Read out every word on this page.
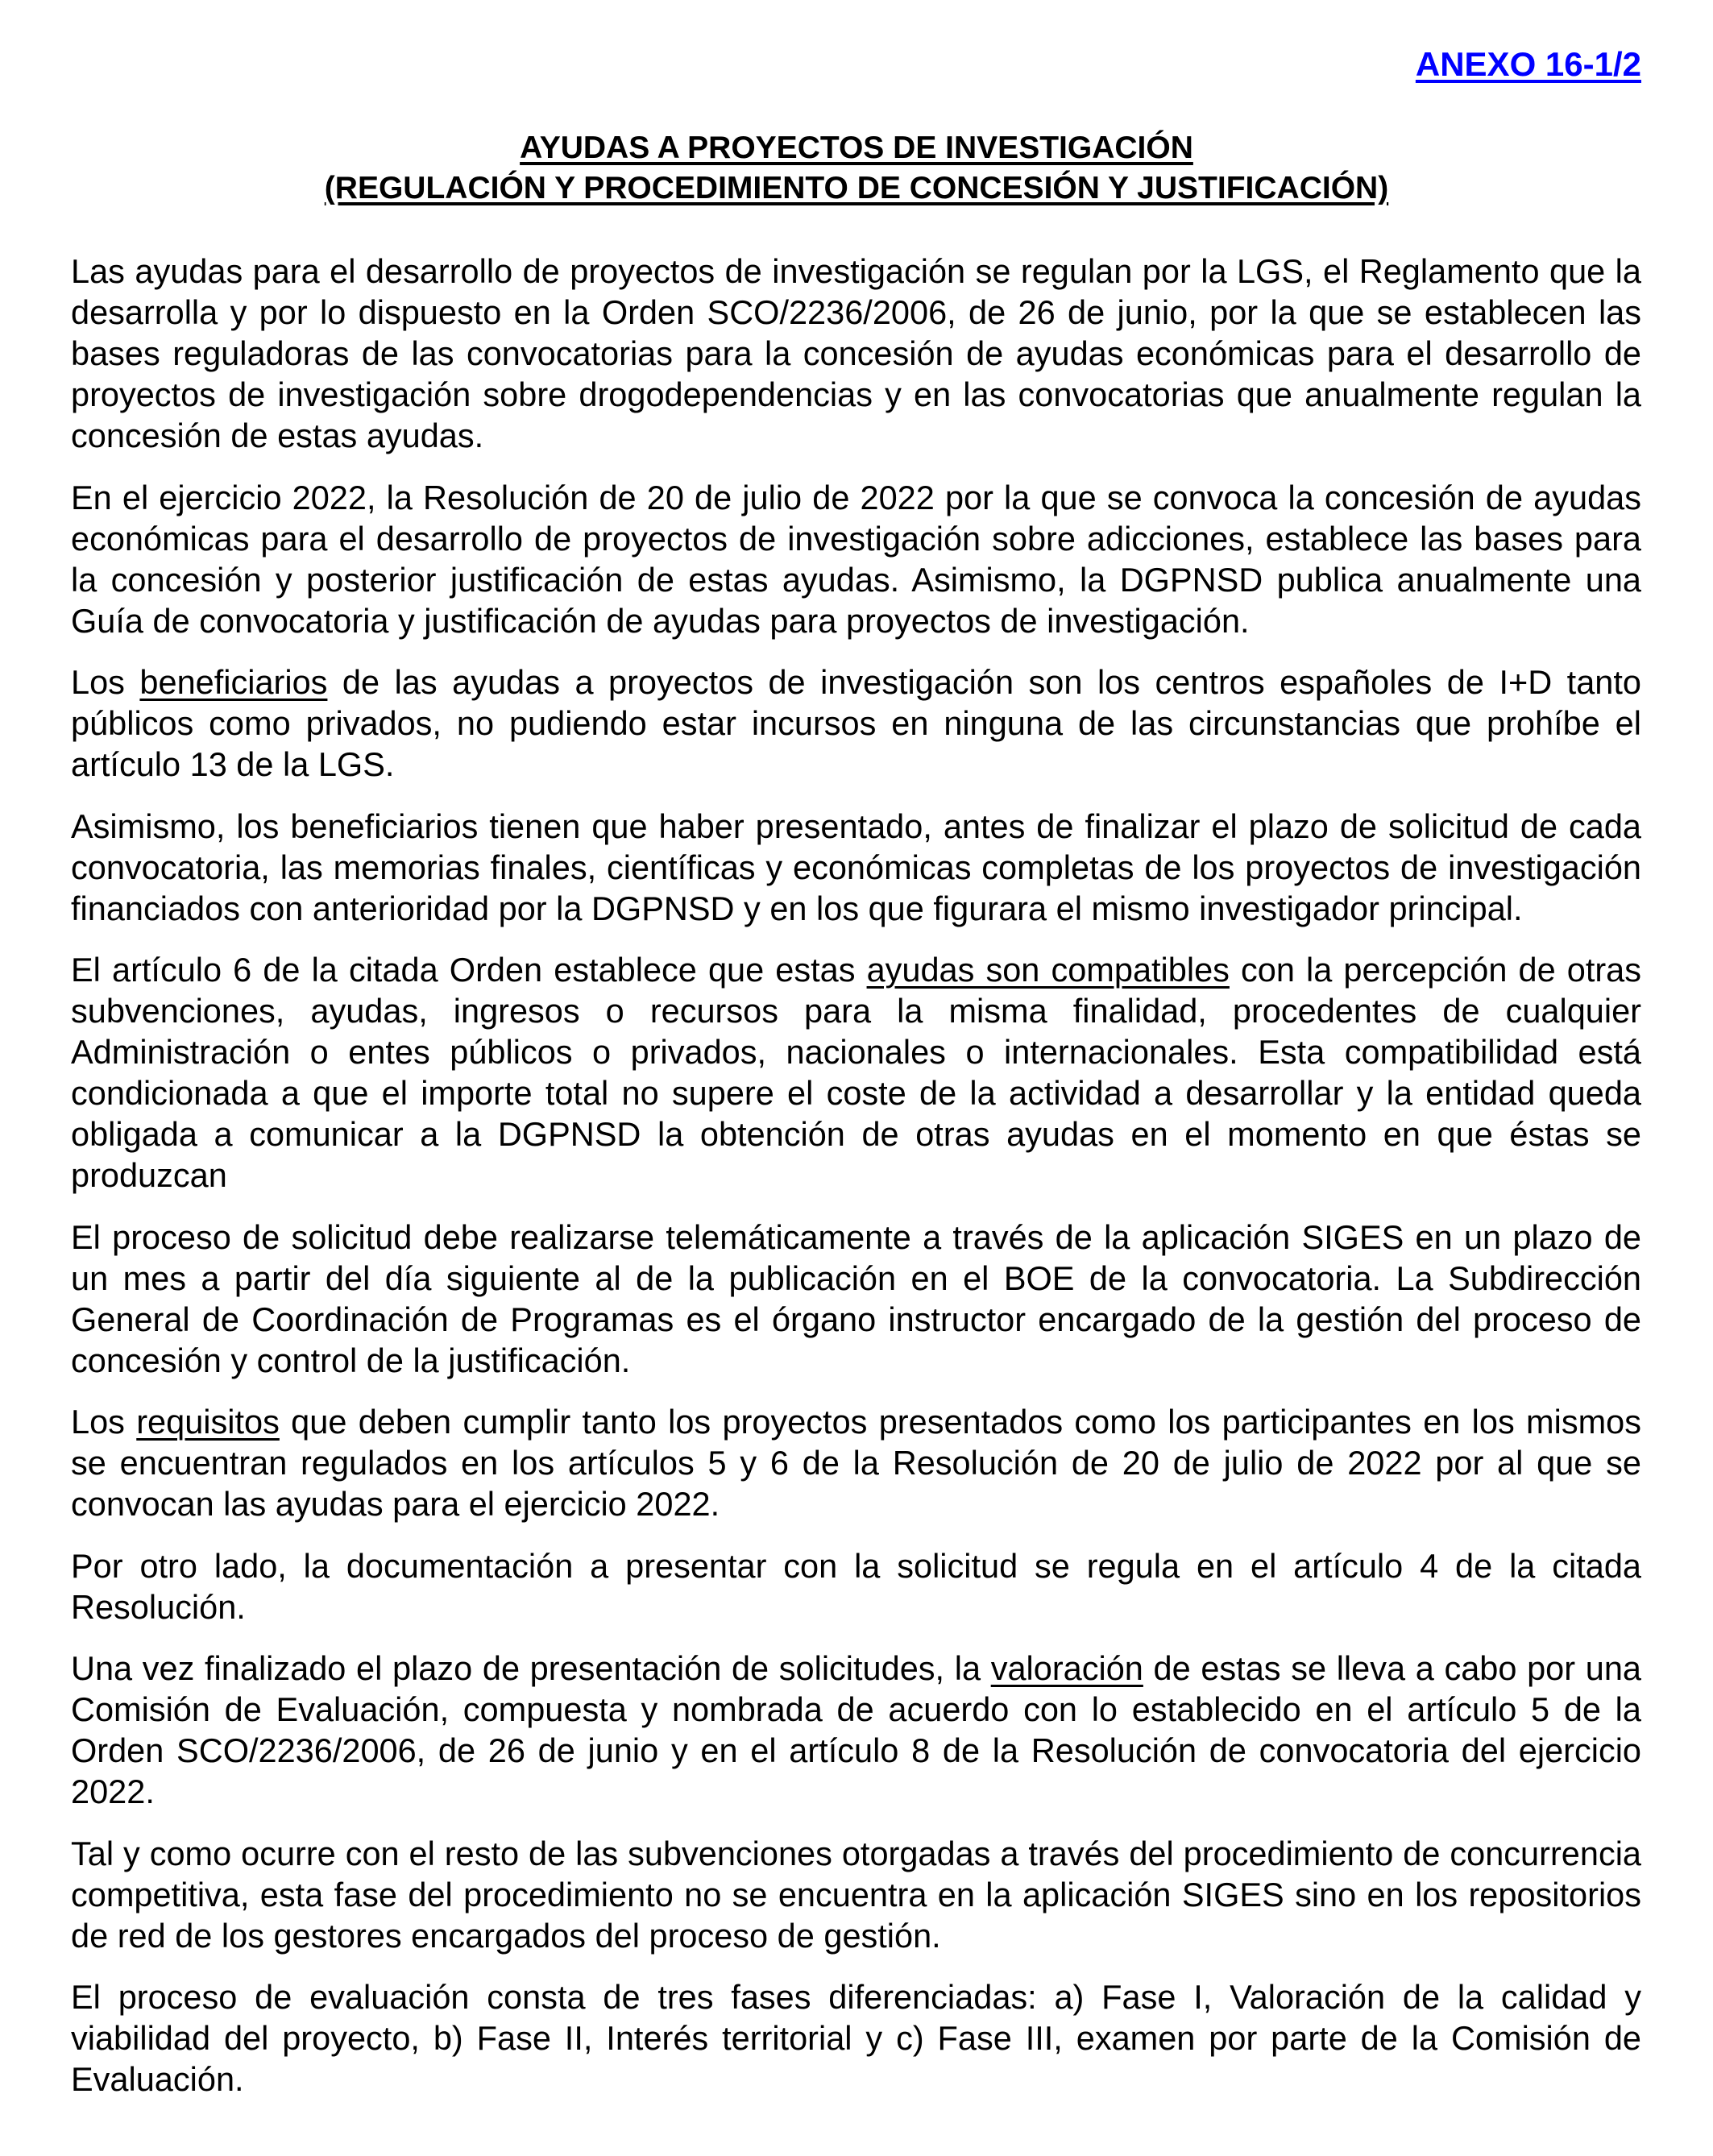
ANEXO 16-1/2
AYUDAS A PROYECTOS DE INVESTIGACIÓN
(REGULACIÓN Y PROCEDIMIENTO DE CONCESIÓN Y JUSTIFICACIÓN)

Las ayudas para el desarrollo de proyectos de investigación se regulan por la LGS, el Reglamento que la desarrolla y por lo dispuesto en la Orden SCO/2236/2006, de 26 de junio, por la que se establecen las bases reguladoras de las convocatorias para la concesión de ayudas económicas para el desarrollo de proyectos de investigación sobre drogodependencias y en las convocatorias que anualmente regulan la concesión de estas ayudas.

En el ejercicio 2022, la Resolución de 20 de julio de 2022 por la que se convoca la concesión de ayudas económicas para el desarrollo de proyectos de investigación sobre adicciones, establece las bases para la concesión y posterior justificación de estas ayudas. Asimismo, la DGPNSD publica anualmente una Guía de convocatoria y justificación de ayudas para proyectos de investigación.

Los beneficiarios de las ayudas a proyectos de investigación son los centros españoles de I+D tanto públicos como privados, no pudiendo estar incursos en ninguna de las circunstancias que prohíbe el artículo 13 de la LGS.

Asimismo, los beneficiarios tienen que haber presentado, antes de finalizar el plazo de solicitud de cada convocatoria, las memorias finales, científicas y económicas completas de los proyectos de investigación financiados con anterioridad por la DGPNSD y en los que figurara el mismo investigador principal.

El artículo 6 de la citada Orden establece que estas ayudas son compatibles con la percepción de otras subvenciones, ayudas, ingresos o recursos para la misma finalidad, procedentes de cualquier Administración o entes públicos o privados, nacionales o internacionales. Esta compatibilidad está condicionada a que el importe total no supere el coste de la actividad a desarrollar y la entidad queda obligada a comunicar a la DGPNSD la obtención de otras ayudas en el momento en que éstas se produzcan

El proceso de solicitud debe realizarse telemáticamente a través de la aplicación SIGES en un plazo de un mes a partir del día siguiente al de la publicación en el BOE de la convocatoria. La Subdirección General de Coordinación de Programas es el órgano instructor encargado de la gestión del proceso de concesión y control de la justificación.

Los requisitos que deben cumplir tanto los proyectos presentados como los participantes en los mismos se encuentran regulados en los artículos 5 y 6 de la Resolución de 20 de julio de 2022 por al que se convocan las ayudas para el ejercicio 2022.

Por otro lado, la documentación a presentar con la solicitud se regula en el artículo 4 de la citada Resolución.

Una vez finalizado el plazo de presentación de solicitudes, la valoración de estas se lleva a cabo por una Comisión de Evaluación, compuesta y nombrada de acuerdo con lo establecido en el artículo 5 de la Orden SCO/2236/2006, de 26 de junio y en el artículo 8 de la Resolución de convocatoria del ejercicio 2022.

Tal y como ocurre con el resto de las subvenciones otorgadas a través del procedimiento de concurrencia competitiva, esta fase del procedimiento no se encuentra en la aplicación SIGES sino en los repositorios de red de los gestores encargados del proceso de gestión.

El proceso de evaluación consta de tres fases diferenciadas: a) Fase I, Valoración de la calidad y viabilidad del proyecto, b) Fase II, Interés territorial y c) Fase III, examen por parte de la Comisión de Evaluación.
